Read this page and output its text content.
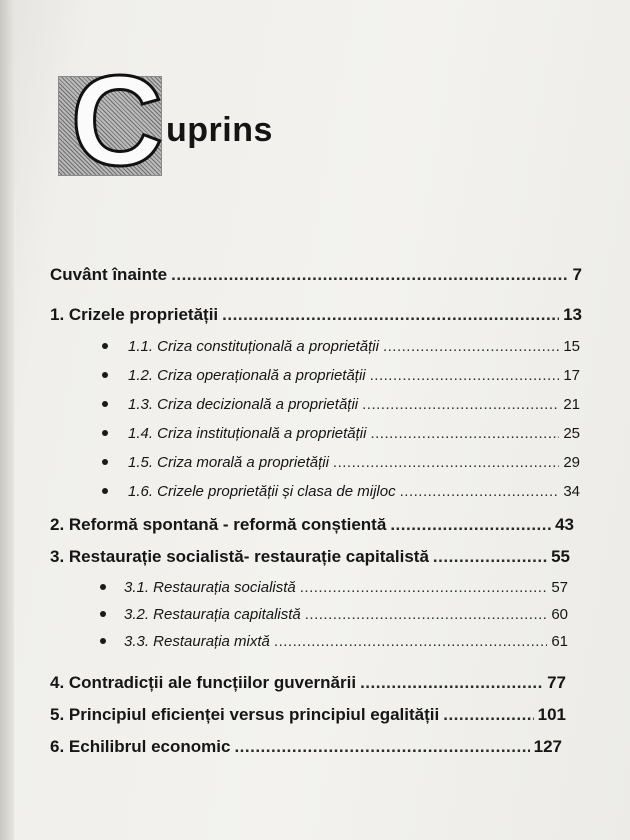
C uprins
Cuvânt înainte .....	7
1. Crizele proprietății .....	13
1.1. Criza constituțională a proprietății .....	15
1.2. Criza operațională a proprietății .....	17
1.3. Criza decizională a proprietății .....	21
1.4. Criza instituțională a proprietății .....	25
1.5. Criza morală a proprietății .....	29
1.6. Crizele proprietății și clasa de mijloc .....	34
2. Reformă spontană - reformă conștientă .....	43
3. Restaurație socialistă- restaurație capitalistă .....	55
3.1. Restaurația socialistă .....	57
3.2. Restaurația capitalistă .....	60
3.3. Restaurația mixtă .....	61
4. Contradicții ale funcțiilor guvernării .....	77
5. Principiul eficienței versus principiul egalității .....	101
6. Echilibrul economic .....	127
